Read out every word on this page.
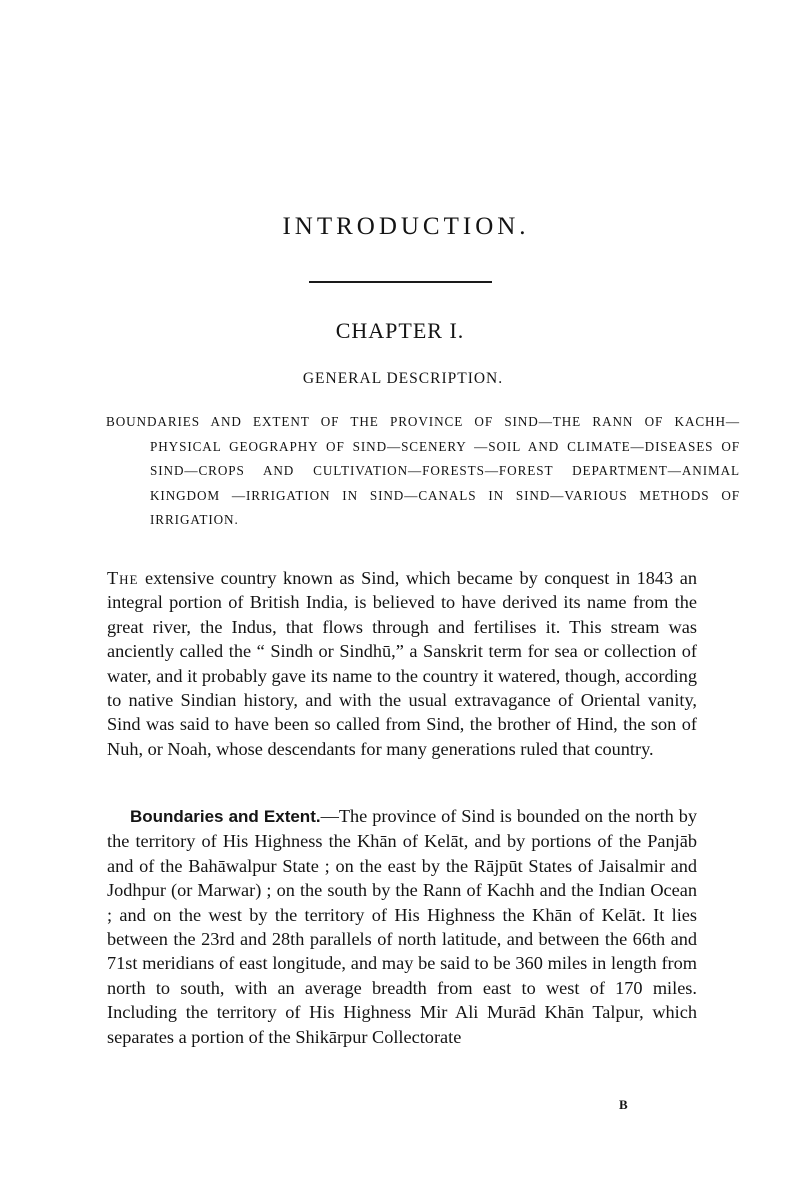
INTRODUCTION.
CHAPTER I.
GENERAL DESCRIPTION.
BOUNDARIES AND EXTENT OF THE PROVINCE OF SIND—THE RANN OF KACHH—PHYSICAL GEOGRAPHY OF SIND—SCENERY —SOIL AND CLIMATE—DISEASES OF SIND—CROPS AND CULTIVATION—FORESTS—FOREST DEPARTMENT—ANIMAL KINGDOM —IRRIGATION IN SIND—CANALS IN SIND—VARIOUS METHODS OF IRRIGATION.

The extensive country known as Sind, which became by conquest in 1843 an integral portion of British India, is believed to have derived its name from the great river, the Indus, that flows through and fertilises it. This stream was anciently called the “ Sindh or Sindhū,” a Sanskrit term for sea or collection of water, and it probably gave its name to the country it watered, though, according to native Sindian history, and with the usual extravagance of Oriental vanity, Sind was said to have been so called from Sind, the brother of Hind, the son of Nuh, or Noah, whose descendants for many generations ruled that country.

Boundaries and Extent.—The province of Sind is bounded on the north by the territory of His Highness the Khān of Kelāt, and by portions of the Panjāb and of the Bahāwalpur State ; on the east by the Rājpūt States of Jaisalmir and Jodhpur (or Marwar) ; on the south by the Rann of Kachh and the Indian Ocean ; and on the west by the territory of His Highness the Khān of Kelāt. It lies between the 23rd and 28th parallels of north latitude, and between the 66th and 71st meridians of east longitude, and may be said to be 360 miles in length from north to south, with an average breadth from east to west of 170 miles. Including the territory of His Highness Mir Ali Murād Khān Talpur, which separates a portion of the Shikārpur Collectorate

B
